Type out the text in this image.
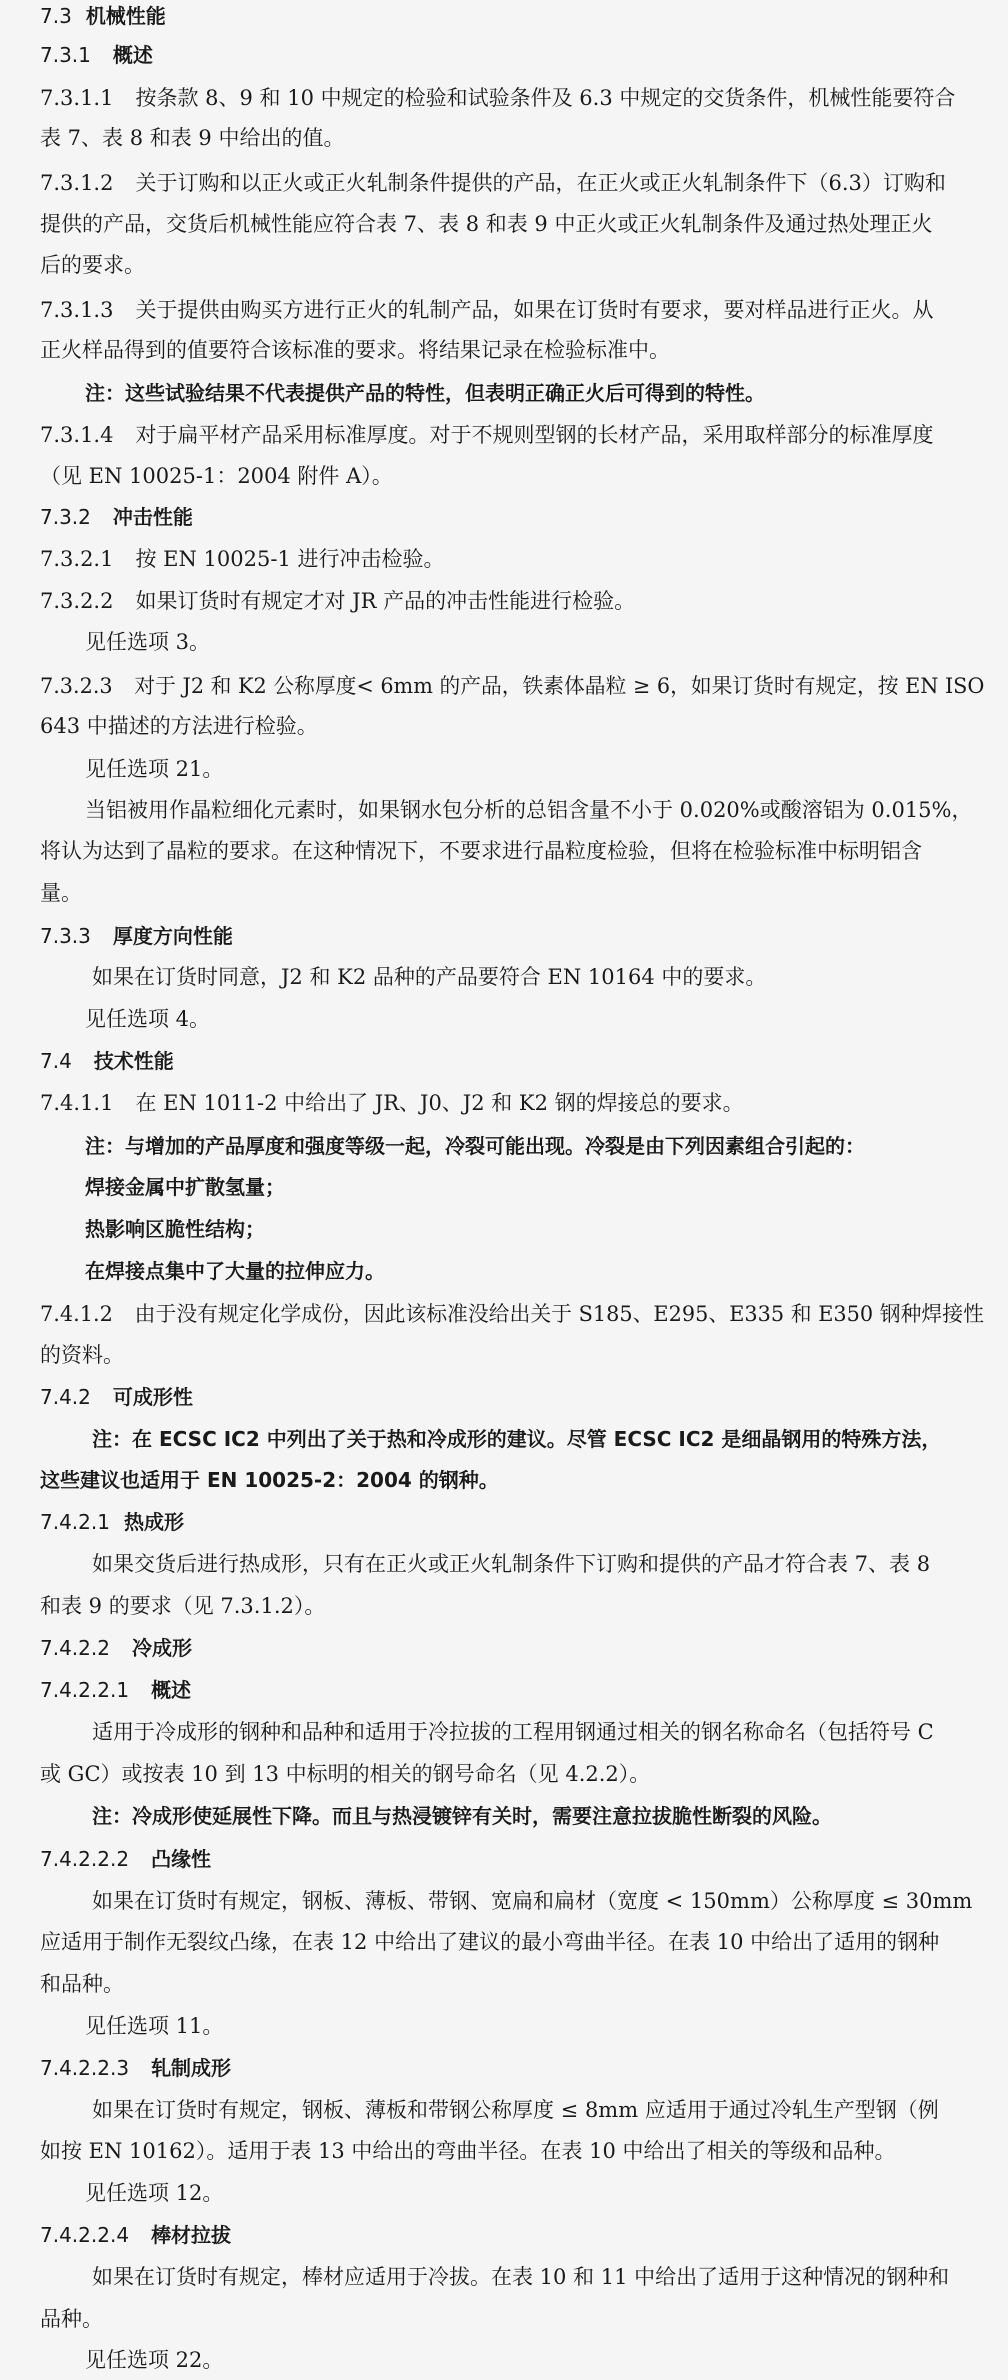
7.3 机械性能
7.3.1 概述
7.3.1.1 按条款 8、9 和 10 中规定的检验和试验条件及 6.3 中规定的交货条件，机械性能要符合
表 7、表 8 和表 9 中给出的值。
7.3.1.2 关于订购和以正火或正火轧制条件提供的产品，在正火或正火轧制条件下（6.3）订购和
提供的产品，交货后机械性能应符合表 7、表 8 和表 9 中正火或正火轧制条件及通过热处理正火
后的要求。
7.3.1.3 关于提供由购买方进行正火的轧制产品，如果在订货时有要求，要对样品进行正火。从
正火样品得到的值要符合该标准的要求。将结果记录在检验标准中。
注：这些试验结果不代表提供产品的特性，但表明正确正火后可得到的特性。
7.3.1.4 对于扁平材产品采用标准厚度。对于不规则型钢的长材产品，采用取样部分的标准厚度
（见 EN 10025-1：2004 附件 A）。
7.3.2 冲击性能
7.3.2.1 按 EN 10025-1 进行冲击检验。
7.3.2.2 如果订货时有规定才对 JR 产品的冲击性能进行检验。
见任选项 3。
7.3.2.3 对于 J2 和 K2 公称厚度< 6mm 的产品，铁素体晶粒 ≥ 6，如果订货时有规定，按 EN ISO
643 中描述的方法进行检验。
见任选项 21。
当铝被用作晶粒细化元素时，如果钢水包分析的总铝含量不小于 0.020%或酸溶铝为 0.015%，
将认为达到了晶粒的要求。在这种情况下，不要求进行晶粒度检验，但将在检验标准中标明铝含
量。
7.3.3 厚度方向性能
如果在订货时同意，J2 和 K2 品种的产品要符合 EN 10164 中的要求。
见任选项 4。
7.4 技术性能
7.4.1.1 在 EN 1011-2 中给出了 JR、J0、J2 和 K2 钢的焊接总的要求。
注：与增加的产品厚度和强度等级一起，冷裂可能出现。冷裂是由下列因素组合引起的：
焊接金属中扩散氢量；
热影响区脆性结构；
在焊接点集中了大量的拉伸应力。
7.4.1.2 由于没有规定化学成份，因此该标准没给出关于 S185、E295、E335 和 E350 钢种焊接性
的资料。
7.4.2 可成形性
注：在 ECSC IC2 中列出了关于热和冷成形的建议。尽管 ECSC IC2 是细晶钢用的特殊方法，
这些建议也适用于 EN 10025-2：2004 的钢种。
7.4.2.1 热成形
如果交货后进行热成形，只有在正火或正火轧制条件下订购和提供的产品才符合表 7、表 8
和表 9 的要求（见 7.3.1.2）。
7.4.2.2 冷成形
7.4.2.2.1 概述
适用于冷成形的钢种和品种和适用于冷拉拔的工程用钢通过相关的钢名称命名（包括符号 C
或 GC）或按表 10 到 13 中标明的相关的钢号命名（见 4.2.2）。
注：冷成形使延展性下降。而且与热浸镀锌有关时，需要注意拉拔脆性断裂的风险。
7.4.2.2.2 凸缘性
如果在订货时有规定，钢板、薄板、带钢、宽扁和扁材（宽度 < 150mm）公称厚度 ≤ 30mm
应适用于制作无裂纹凸缘，在表 12 中给出了建议的最小弯曲半径。在表 10 中给出了适用的钢种
和品种。
见任选项 11。
7.4.2.2.3 轧制成形
如果在订货时有规定，钢板、薄板和带钢公称厚度 ≤ 8mm 应适用于通过冷轧生产型钢（例
如按 EN 10162）。适用于表 13 中给出的弯曲半径。在表 10 中给出了相关的等级和品种。
见任选项 12。
7.4.2.2.4 棒材拉拔
如果在订货时有规定，棒材应适用于冷拔。在表 10 和 11 中给出了适用于这种情况的钢种和
品种。
见任选项 22。
